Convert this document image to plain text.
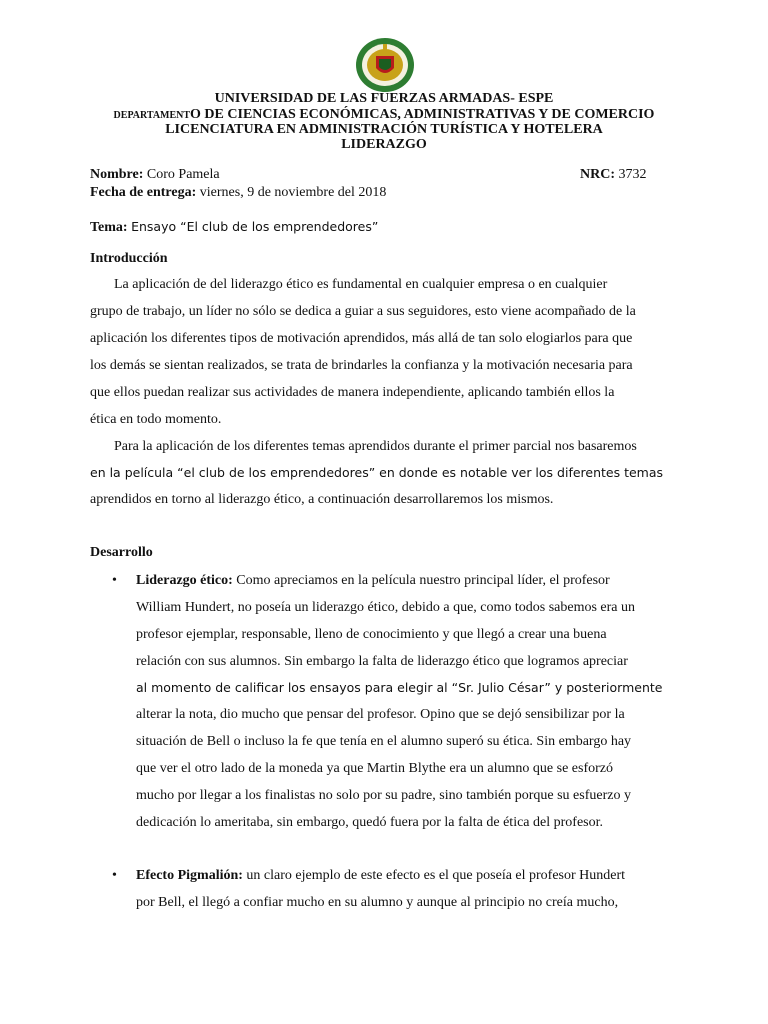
UNIVERSIDAD DE LAS FUERZAS ARMADAS- ESPE
DEPARTAMENTO DE CIENCIAS ECONÓMICAS, ADMINISTRATIVAS Y DE COMERCIO
LICENCIATURA EN ADMINISTRACIÓN TURÍSTICA Y HOTELERA
LIDERAZGO
Nombre: Coro Pamela	NRC: 3732
Fecha de entrega: viernes, 9 de noviembre del 2018
Tema: Ensayo “El club de los emprendedores”
Introducción
La aplicación de del liderazgo ético es fundamental en cualquier empresa o en cualquier
grupo de trabajo, un líder no sólo se dedica a guiar a sus seguidores, esto viene acompañado de la
aplicación los diferentes tipos de motivación aprendidos, más allá de tan solo elogiarlos para que
los demás se sientan realizados, se trata de brindarles la confianza y la motivación necesaria para
que ellos puedan realizar sus actividades de manera independiente, aplicando también ellos la
ética en todo momento.
Para la aplicación de los diferentes temas aprendidos durante el primer parcial nos basaremos
en la película “el club de los emprendedores” en donde es notable ver los diferentes temas
aprendidos en torno al liderazgo ético, a continuación desarrollaremos los mismos.
Desarrollo
• Liderazgo ético: Como apreciamos en la película nuestro principal líder, el profesor
William Hundert, no poseía un liderazgo ético, debido a que, como todos sabemos era un
profesor ejemplar, responsable, lleno de conocimiento y que llegó a crear una buena
relación con sus alumnos. Sin embargo la falta de liderazgo ético que logramos apreciar
al momento de calificar los ensayos para elegir al “Sr. Julio César” y posteriormente
alterar la nota, dio mucho que pensar del profesor. Opino que se dejó sensibilizar por la
situación de Bell o incluso la fe que tenía en el alumno superó su ética. Sin embargo hay
que ver el otro lado de la moneda ya que Martin Blythe era un alumno que se esforzó
mucho por llegar a los finalistas no solo por su padre, sino también porque su esfuerzo y
dedicación lo ameritaba, sin embargo, quedó fuera por la falta de ética del profesor.
• Efecto Pigmalión: un claro ejemplo de este efecto es el que poseía el profesor Hundert
por Bell, el llegó a confiar mucho en su alumno y aunque al principio no creía mucho,
